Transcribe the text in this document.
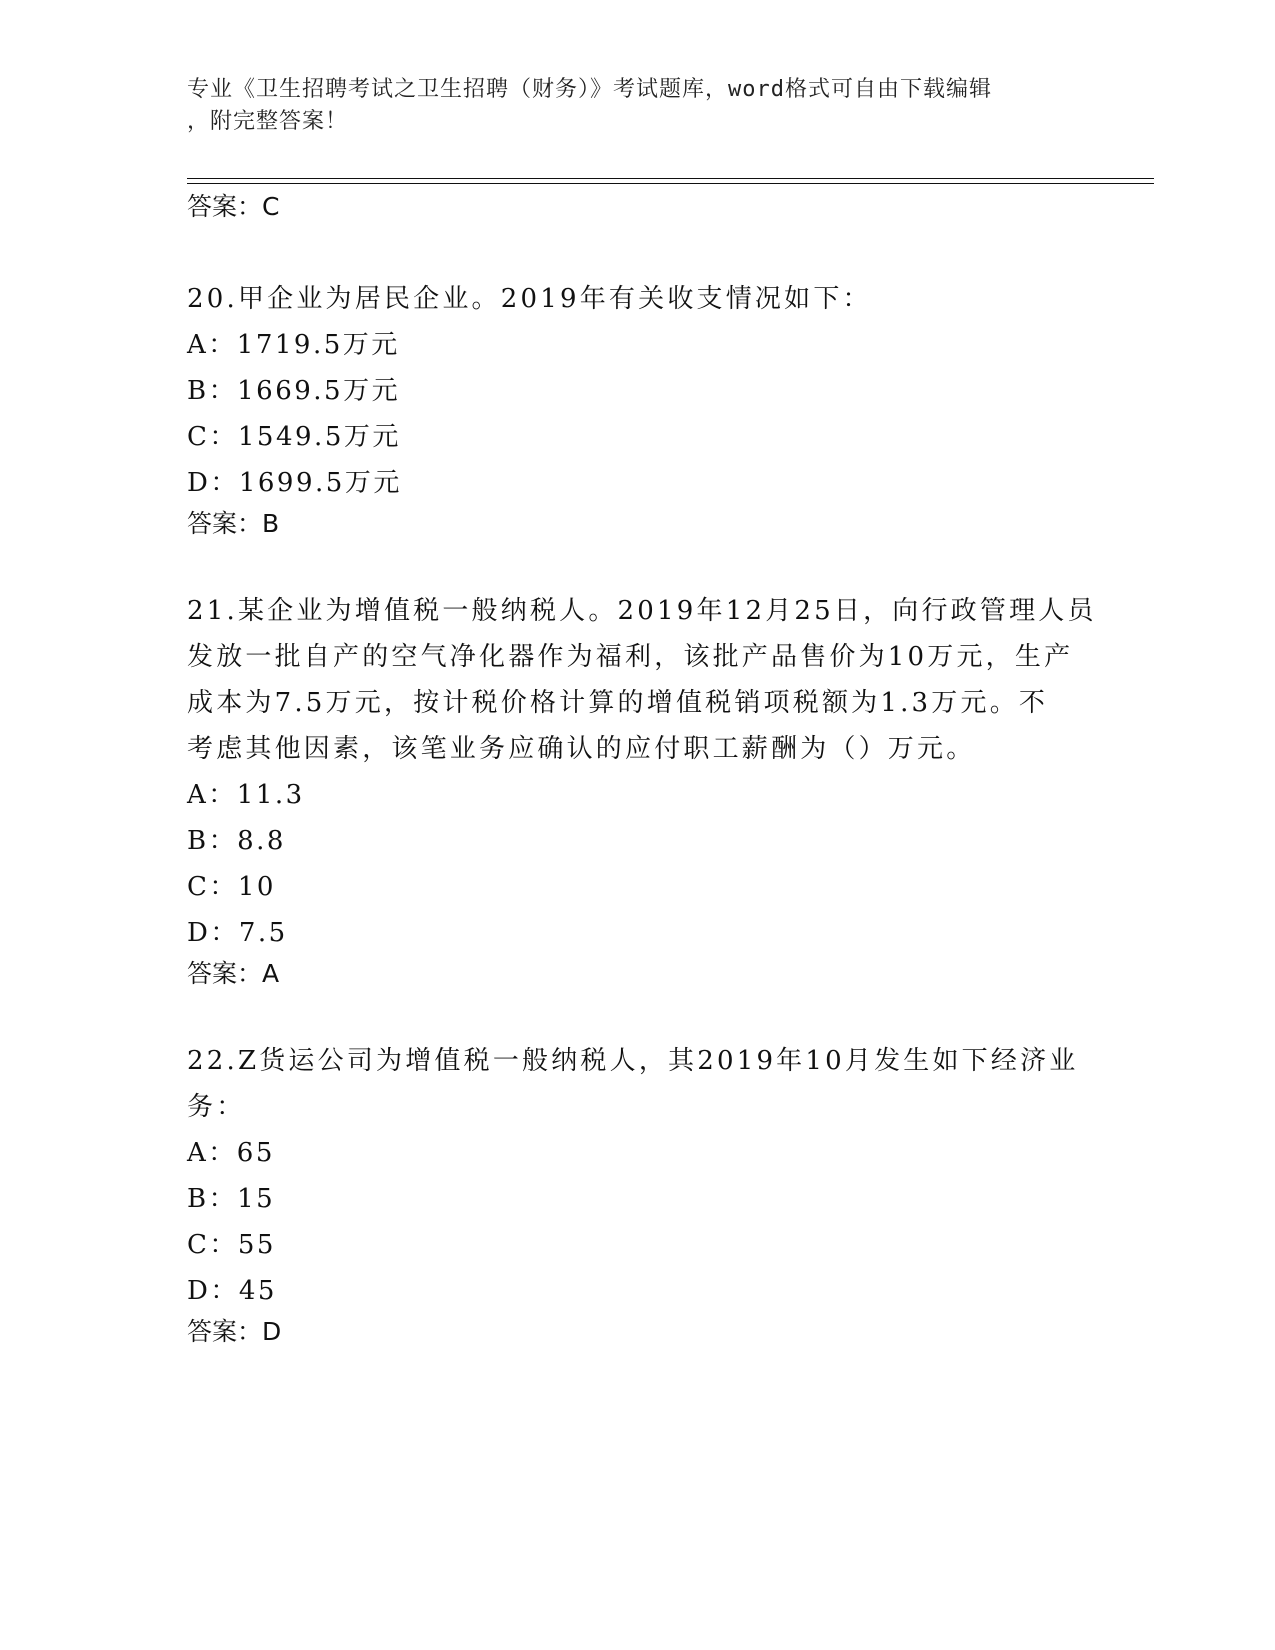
专业《卫生招聘考试之卫生招聘（财务）》考试题库，word格式可自由下载编辑
，附完整答案！
答案：C
20.甲企业为居民企业。2019年有关收支情况如下：
A：1719.5万元
B：1669.5万元
C：1549.5万元
D：1699.5万元
答案：B
21.某企业为增值税一般纳税人。2019年12月25日，向行政管理人员
发放一批自产的空气净化器作为福利，该批产品售价为10万元，生产
成本为7.5万元，按计税价格计算的增值税销项税额为1.3万元。不
考虑其他因素，该笔业务应确认的应付职工薪酬为（）万元。
A：11.3
B：8.8
C：10
D：7.5
答案：A
22.Z货运公司为增值税一般纳税人，其2019年10月发生如下经济业
务：
A：65
B：15
C：55
D：45
答案：D
